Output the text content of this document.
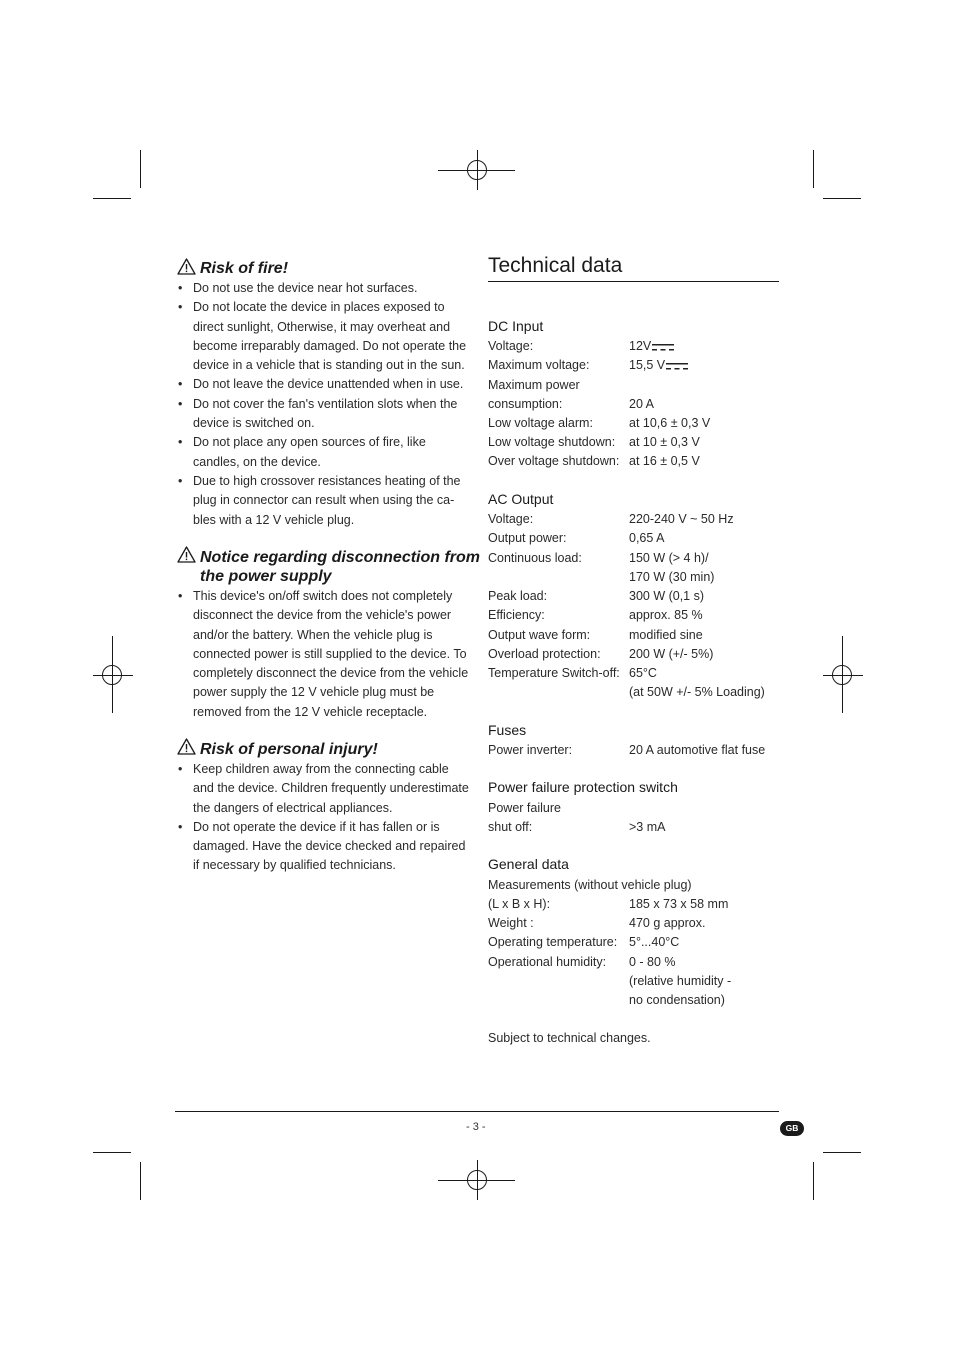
Risk of fire!
• Do not use the device near hot surfaces.
• Do not locate the device in places exposed to direct sunlight, Otherwise, it may overheat and become irreparably damaged. Do not operate the device in a vehicle that is standing out in the sun.
• Do not leave the device unattended when in use.
• Do not cover the fan's ventilation slots when the device is switched on.
• Do not place any open sources of fire, like candles, on the device.
• Due to high crossover resistances heating of the plug in connector can result when using the ca-bles with a 12 V vehicle plug.
Notice regarding disconnection from
the power supply
• This device's on/off switch does not completely disconnect the device from the vehicle's power and/or the battery. When the vehicle plug is connected power is still supplied to the device. To completely disconnect the device from the vehicle power supply the 12 V vehicle plug must be removed from the 12 V vehicle receptacle.
Risk of personal injury!
• Keep children away from the connecting cable and the device. Children frequently underestimate the dangers of electrical appliances.
• Do not operate the device if it has fallen or is damaged. Have the device checked and repaired if necessary by qualified technicians.
Technical data
DC Input
Voltage:	12V
Maximum voltage:	15,5 V
Maximum power
consumption:	20 A
Low voltage alarm:	at 10,6 ± 0,3 V
Low voltage shutdown: at 10 ± 0,3 V
Over voltage shutdown: at 16 ± 0,5 V
AC Output
Voltage:	220-240 V ~ 50 Hz
Output power:	0,65 A
Continuous load:	150 W (> 4 h)/
170 W (30 min)
Peak load:	300 W (0,1 s)
Efficiency:	approx. 85 %
Output wave form:	modified sine
Overload protection: 200 W (+/- 5%)
Temperature Switch-off: 65°C
(at 50W +/- 5% Loading)
Fuses
Power inverter:	20 A automotive flat fuse
Power failure protection switch
Power failure
shut off:	>3 mA
General data
Measurements (without vehicle plug)
(L x B x H):	185 x 73 x 58 mm
Weight :	470 g approx.
Operating temperature: 5°...40°C
Operational humidity: 0 - 80 %
(relative humidity -
no condensation)
Subject to technical changes.
- 3 -	GB
